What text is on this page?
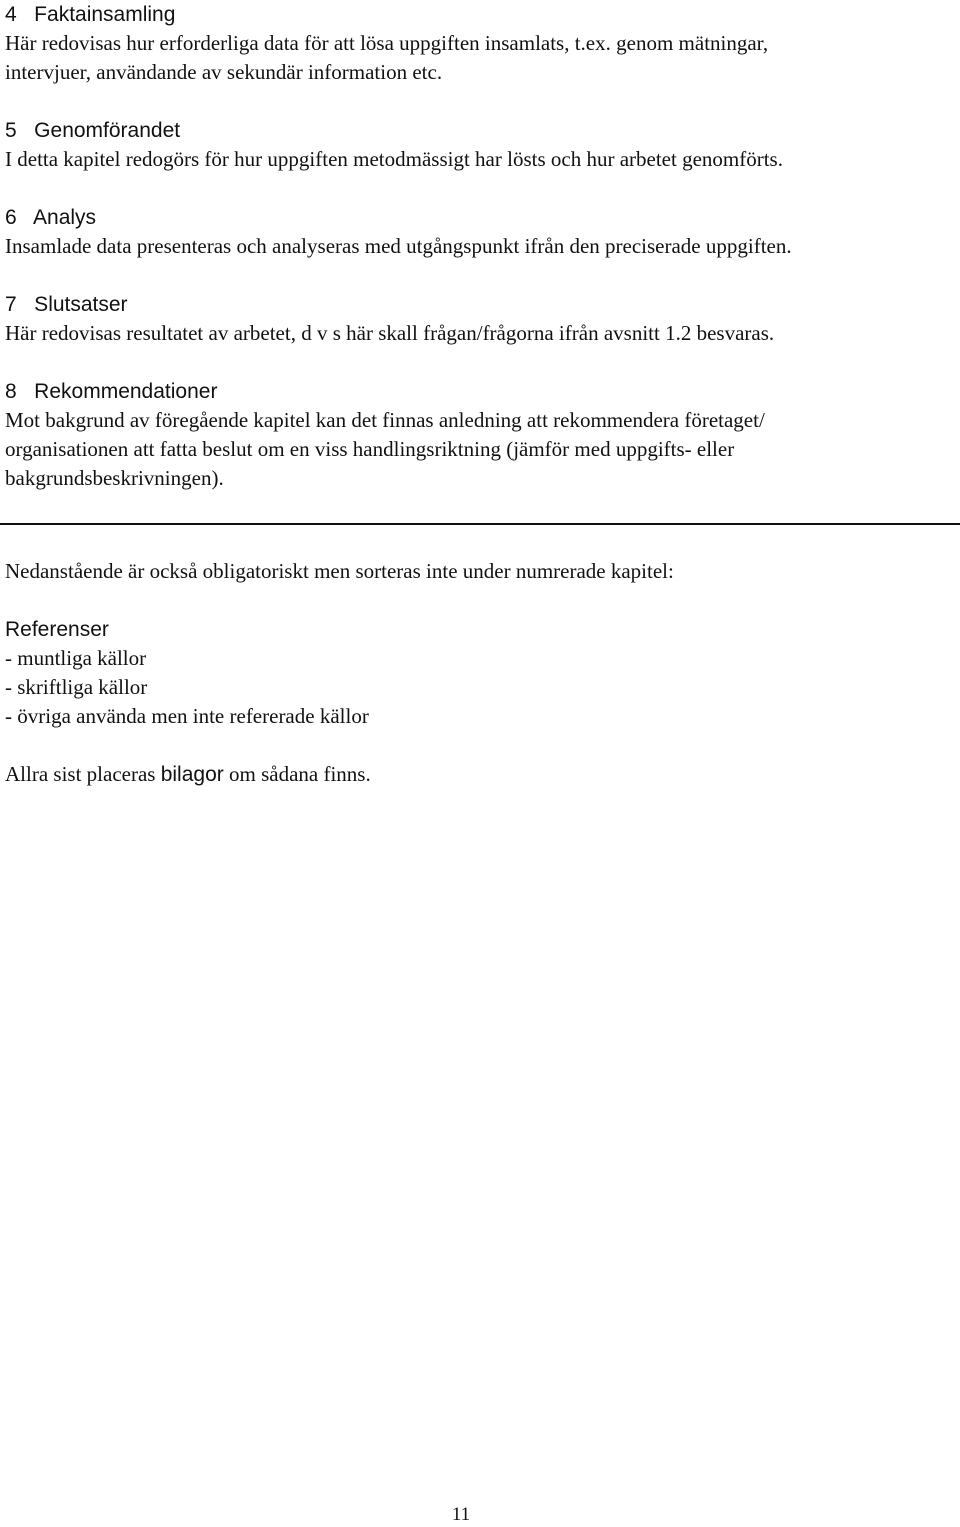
4   Faktainsamling

Här redovisas hur erforderliga data för att lösa uppgiften insamlats, t.ex. genom mätningar,

intervjuer, användande av sekundär information etc.

5   Genomförandet

I detta kapitel redogörs för hur uppgiften metodmässigt har lösts och hur arbetet genomförts.

6   Analys

Insamlade data presenteras och analyseras med utgångspunkt ifrån den preciserade uppgiften.

7   Slutsatser

Här redovisas resultatet av arbetet, d v s här skall frågan/frågorna ifrån avsnitt 1.2 besvaras.

8   Rekommendationer

Mot bakgrund av föregående kapitel kan det finnas anledning att rekommendera företaget/

organisationen att fatta beslut om en viss handlingsriktning (jämför med uppgifts- eller

bakgrundsbeskrivningen).

Nedanstående är också obligatoriskt men sorteras inte under numrerade kapitel:

Referenser

- muntliga källor

- skriftliga källor

- övriga använda men inte refererade källor

Allra sist placeras bilagor om sådana finns.

11
